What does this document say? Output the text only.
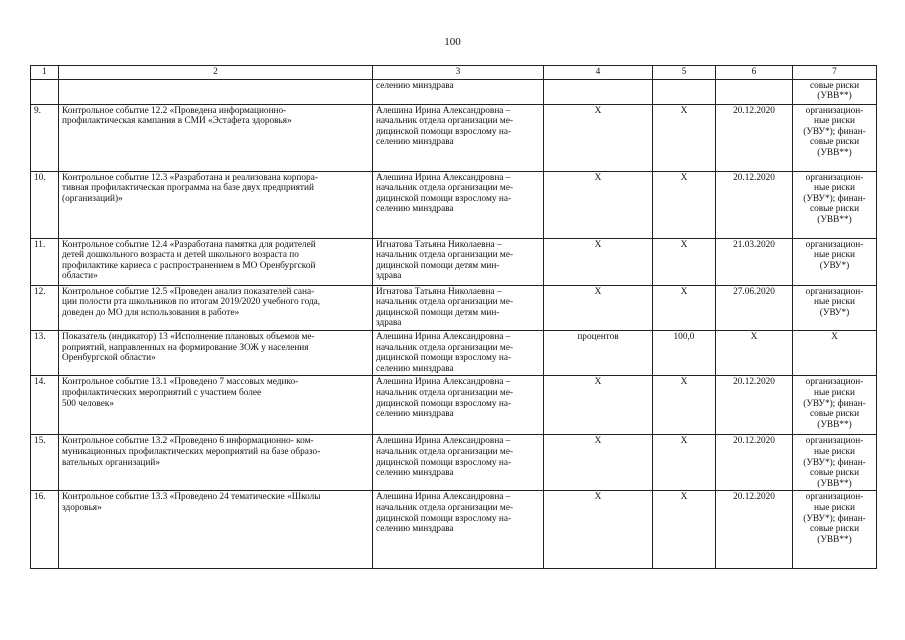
100
1	2	3	4	5	6	7
		селению минздрава				совые риски
(УВВ**)
9.	Контрольное событие 12.2 «Проведена информационно-
профилактическая кампания в СМИ «Эстафета здоровья»	Алешина Ирина Александровна –
начальник отдела организации ме-
дицинской помощи взрослому на-
селению минздрава	Х	Х	20.12.2020	организацион-
ные риски
(УВУ*); финан-
совые риски
(УВВ**)
10.	Контрольное событие 12.3 «Разработана и реализована корпора-
тивная профилактическая программа на базе двух предприятий
(организаций)»	Алешина Ирина Александровна –
начальник отдела организации ме-
дицинской помощи взрослому на-
селению минздрава	Х	Х	20.12.2020	организацион-
ные риски
(УВУ*); финан-
совые риски
(УВВ**)
11.	Контрольное событие 12.4 «Разработана памятка для родителей
детей дошкольного возраста и детей школьного возраста по
профилактике кариеса с распространением в МО Оренбургской
области»	Игнатова Татьяна Николаевна –
начальник отдела организации ме-
дицинской помощи детям мин-
здрава	Х	Х	21.03.2020	организацион-
ные риски
(УВУ*)
12.	Контрольное событие 12.5 «Проведен анализ показателей сана-
ции полости рта школьников по итогам 2019/2020 учебного года,
доведен до МО для использования в работе»	Игнатова Татьяна Николаевна –
начальник отдела организации ме-
дицинской помощи детям мин-
здрава	Х	Х	27.06.2020	организацион-
ные риски
(УВУ*)
13.	Показатель (индикатор) 13 «Исполнение плановых объемов ме-
роприятий, направленных на формирование ЗОЖ у населения
Оренбургской области»	Алешина Ирина Александровна –
начальник отдела организации ме-
дицинской помощи взрослому на-
селению минздрава	процентов	100,0	Х	Х
14.	Контрольное событие 13.1 «Проведено 7 массовых медико-
профилактических мероприятий с участием более
500 человек»	Алешина Ирина Александровна –
начальник отдела организации ме-
дицинской помощи взрослому на-
селению минздрава	Х	Х	20.12.2020	организацион-
ные риски
(УВУ*); финан-
совые риски
(УВВ**)
15.	Контрольное событие 13.2 «Проведено 6 информационно- ком-
муникационных профилактических мероприятий на базе образо-
вательных организаций»	Алешина Ирина Александровна –
начальник отдела организации ме-
дицинской помощи взрослому на-
селению минздрава	Х	Х	20.12.2020	организацион-
ные риски
(УВУ*); финан-
совые риски
(УВВ**)
16.	Контрольное событие 13.3 «Проведено 24 тематические «Школы
здоровья»	Алешина Ирина Александровна –
начальник отдела организации ме-
дицинской помощи взрослому на-
селению минздрава	Х	Х	20.12.2020	организацион-
ные риски
(УВУ*); финан-
совые риски
(УВВ**)
